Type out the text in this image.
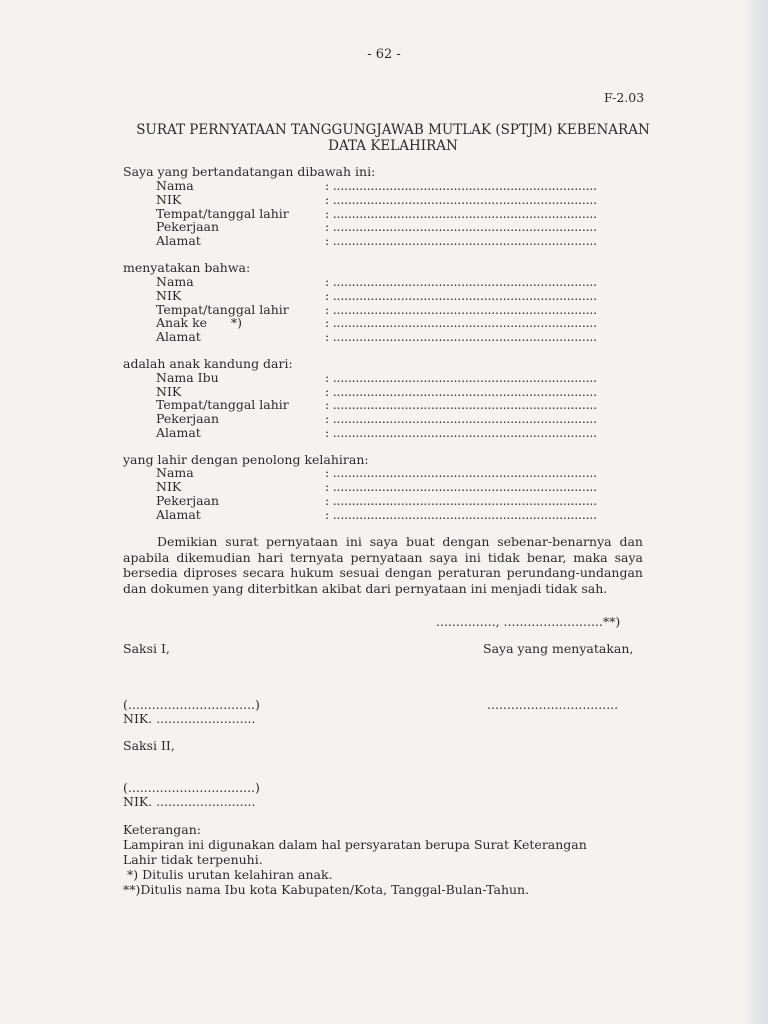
- 62 -
F-2.03
SURAT PERNYATAAN TANGGUNGJAWAB MUTLAK (SPTJM) KEBENARAN
DATA KELAHIRAN
Saya yang bertandatangan dibawah ini:
Nama	: ......................................................................
NIK	: ......................................................................
Tempat/tanggal lahir	: ......................................................................
Pekerjaan	: ......................................................................
Alamat	: ......................................................................
menyatakan bahwa:
Nama	: ......................................................................
NIK	: ......................................................................
Tempat/tanggal lahir	: ......................................................................
Anak ke      *)	: ......................................................................
Alamat	: ......................................................................
adalah anak kandung dari:
Nama Ibu	: ......................................................................
NIK	: ......................................................................
Tempat/tanggal lahir	: ......................................................................
Pekerjaan	: ......................................................................
Alamat	: ......................................................................
yang lahir dengan penolong kelahiran:
Nama	: ......................................................................
NIK	: ......................................................................
Pekerjaan	: ......................................................................
Alamat	: ......................................................................

Demikian surat pernyataan ini saya buat dengan sebenar-benarnya dan apabila dikemudian hari ternyata pernyataan saya ini tidak benar, maka saya bersedia diproses secara hukum sesuai dengan peraturan perundang-undangan dan dokumen yang diterbitkan akibat dari pernyataan ini menjadi tidak sah.

..............., .........................**)
Saksi I,	Saya yang menyatakan,
(................................)	.................................
NIK. .........................
Saksi II,
(................................)
NIK. .........................
Keterangan:
Lampiran ini digunakan dalam hal persyaratan berupa Surat Keterangan
Lahir tidak terpenuhi.
*) Ditulis urutan kelahiran anak.
**)Ditulis nama Ibu kota Kabupaten/Kota, Tanggal-Bulan-Tahun.
